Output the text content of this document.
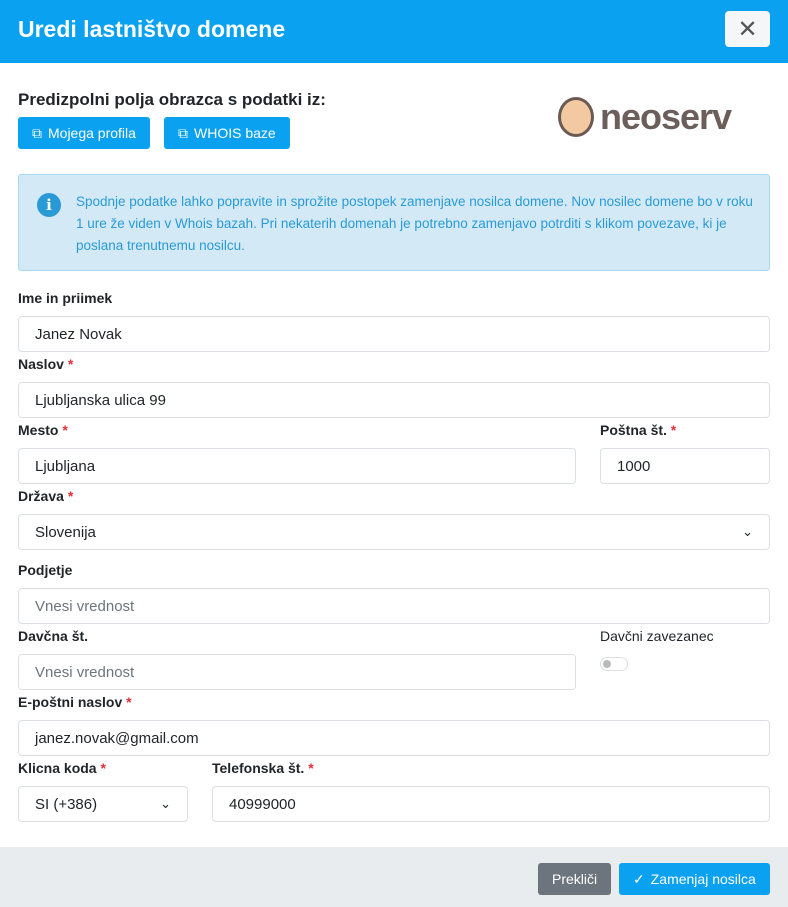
Uredi lastništvo domene	✕
Predizpolni polja obrazca s podatki iz:
⧉ Mojega profila	⧉ WHOIS baze	neoserv
i	Spodnje podatke lahko popravite in sprožite postopek zamenjave nosilca domene. Nov nosilec domene bo v roku 1 ure že viden v Whois bazah. Pri nekaterih domenah je potrebno zamenjavo potrditi s klikom povezave, ki je poslana trenutnemu nosilcu.
Ime in priimek
Janez Novak
Naslov *
Ljubljanska ulica 99
Mesto *
Ljubljana
Poštna št. *
1000
Država *
Slovenija	⌄
Podjetje
Vnesi vrednost
Davčna št.
Vnesi vrednost
Davčni zavezanec
E-poštni naslov *
janez.novak@gmail.com
Klicna koda *
SI (+386)	⌄
Telefonska št. *
40999000
Prekliči	✓ Zamenjaj nosilca
